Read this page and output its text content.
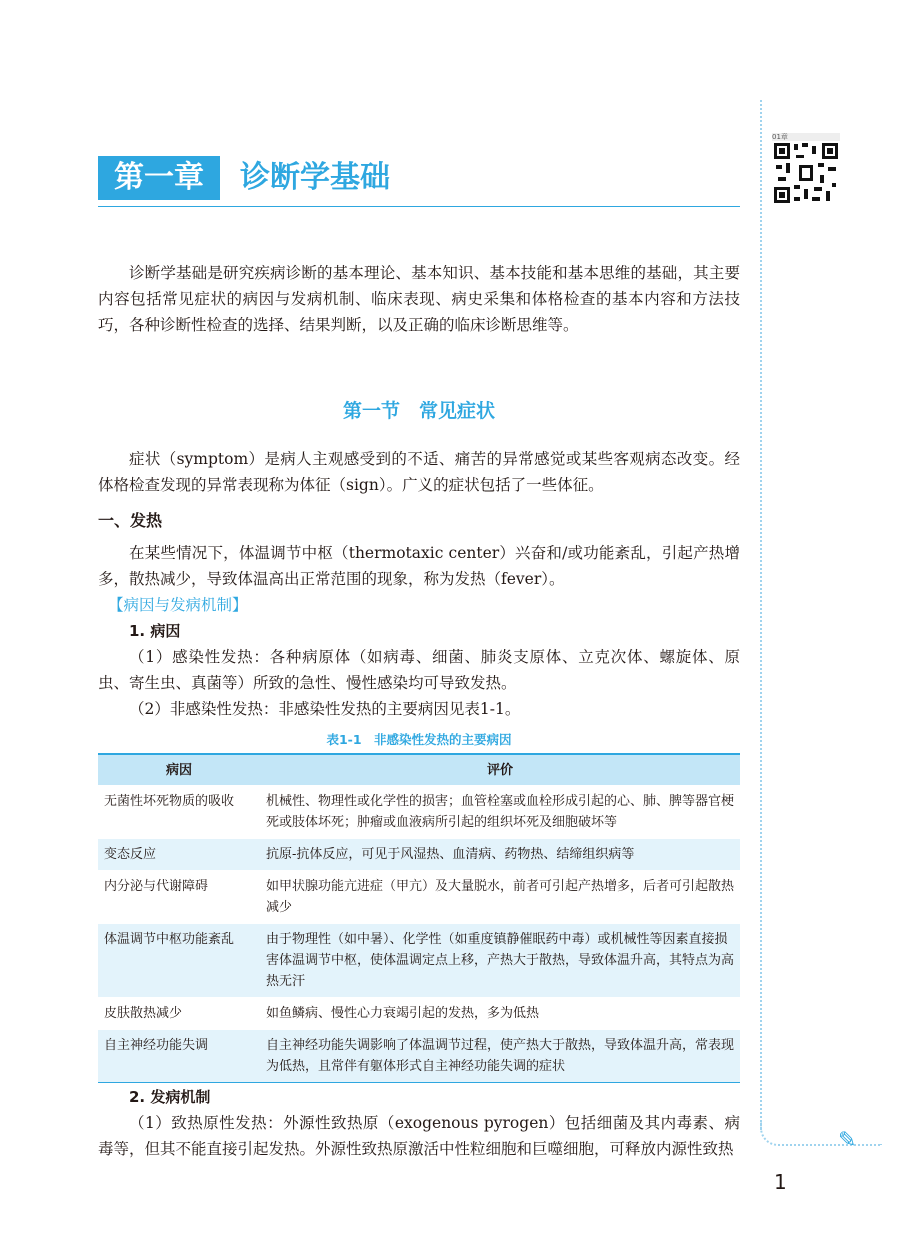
第一章	诊断学基础
01章
✎

诊断学基础是研究疾病诊断的基本理论、基本知识、基本技能和基本思维的基础，其主要内容包括常见症状的病因与发病机制、临床表现、病史采集和体格检查的基本内容和方法技巧，各种诊断性检查的选择、结果判断，以及正确的临床诊断思维等。

第一节　常见症状

症状（symptom）是病人主观感受到的不适、痛苦的异常感觉或某些客观病态改变。经体格检查发现的异常表现称为体征（sign）。广义的症状包括了一些体征。

一、发热

在某些情况下，体温调节中枢（thermotaxic center）兴奋和/或功能紊乱，引起产热增多，散热减少，导致体温高出正常范围的现象，称为发热（fever）。

【病因与发病机制】

1. 病因

（1）感染性发热：各种病原体（如病毒、细菌、肺炎支原体、立克次体、螺旋体、原虫、寄生虫、真菌等）所致的急性、慢性感染均可导致发热。

（2）非感染性发热：非感染性发热的主要病因见表1-1。

表1-1　非感染性发热的主要病因
病因	评价
无菌性坏死物质的吸收	机械性、物理性或化学性的损害；血管栓塞或血栓形成引起的心、肺、脾等器官梗死或肢体坏死；肿瘤或血液病所引起的组织坏死及细胞破坏等
变态反应	抗原-抗体反应，可见于风湿热、血清病、药物热、结缔组织病等
内分泌与代谢障碍	如甲状腺功能亢进症（甲亢）及大量脱水，前者可引起产热增多，后者可引起散热减少
体温调节中枢功能紊乱	由于物理性（如中暑）、化学性（如重度镇静催眠药中毒）或机械性等因素直接损害体温调节中枢，使体温调定点上移，产热大于散热，导致体温升高，其特点为高热无汗
皮肤散热减少	如鱼鳞病、慢性心力衰竭引起的发热，多为低热
自主神经功能失调	自主神经功能失调影响了体温调节过程，使产热大于散热，导致体温升高，常表现为低热，且常伴有躯体形式自主神经功能失调的症状

2. 发病机制

（1）致热原性发热：外源性致热原（exogenous pyrogen）包括细菌及其内毒素、病毒等，但其不能直接引起发热。外源性致热原激活中性粒细胞和巨噬细胞，可释放内源性致热

1
